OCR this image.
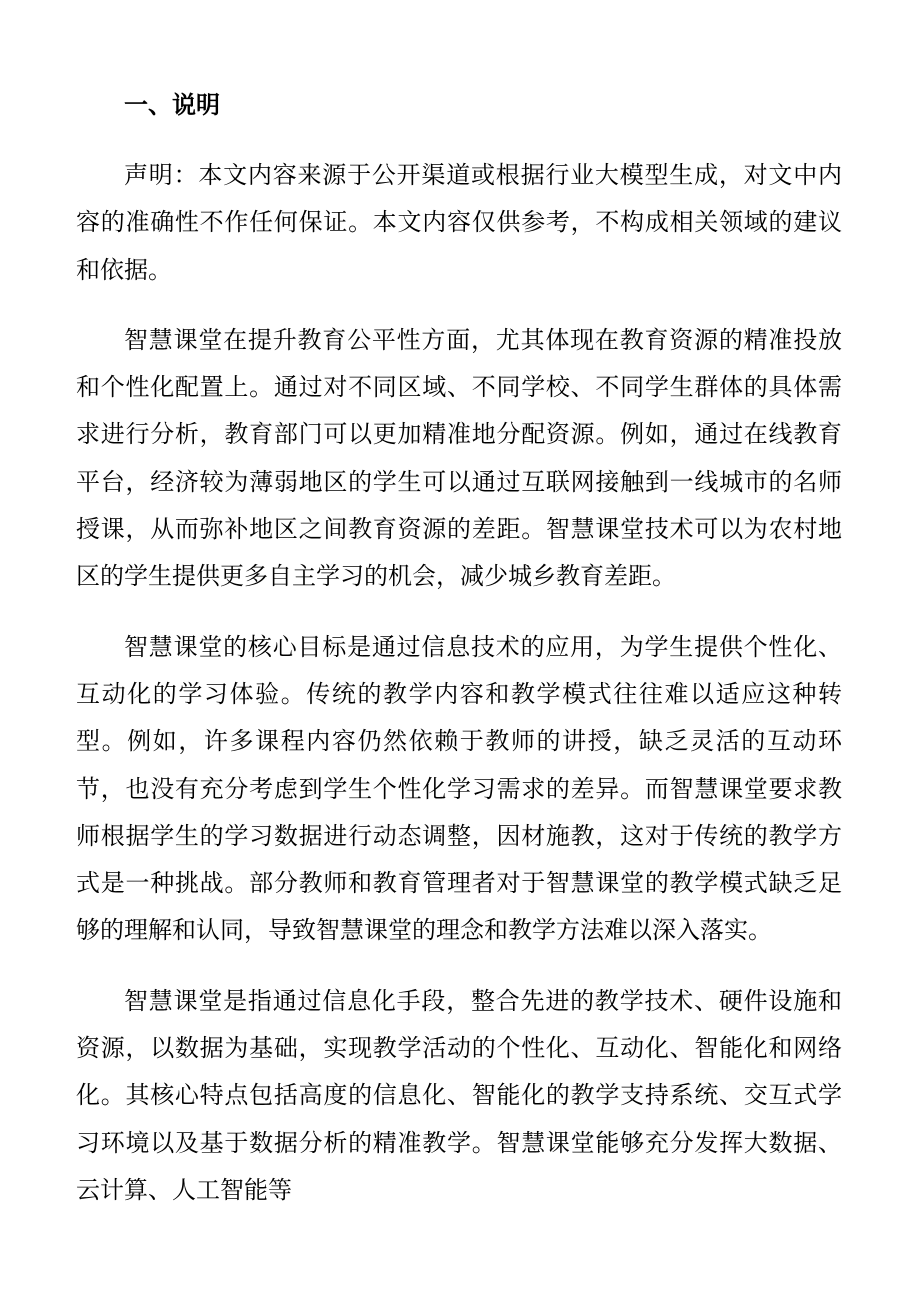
一、说明

声明：本文内容来源于公开渠道或根据行业大模型生成，对文中内容的准确性不作任何保证。本文内容仅供参考，不构成相关领域的建议和依据。

智慧课堂在提升教育公平性方面，尤其体现在教育资源的精准投放和个性化配置上。通过对不同区域、不同学校、不同学生群体的具体需求进行分析，教育部门可以更加精准地分配资源。例如，通过在线教育平台，经济较为薄弱地区的学生可以通过互联网接触到一线城市的名师授课，从而弥补地区之间教育资源的差距。智慧课堂技术可以为农村地区的学生提供更多自主学习的机会，减少城乡教育差距。

智慧课堂的核心目标是通过信息技术的应用，为学生提供个性化、互动化的学习体验。传统的教学内容和教学模式往往难以适应这种转型。例如，许多课程内容仍然依赖于教师的讲授，缺乏灵活的互动环节，也没有充分考虑到学生个性化学习需求的差异。而智慧课堂要求教师根据学生的学习数据进行动态调整，因材施教，这对于传统的教学方式是一种挑战。部分教师和教育管理者对于智慧课堂的教学模式缺乏足够的理解和认同，导致智慧课堂的理念和教学方法难以深入落实。

智慧课堂是指通过信息化手段，整合先进的教学技术、硬件设施和资源，以数据为基础，实现教学活动的个性化、互动化、智能化和网络化。其核心特点包括高度的信息化、智能化的教学支持系统、交互式学习环境以及基于数据分析的精准教学。智慧课堂能够充分发挥大数据、云计算、人工智能等
